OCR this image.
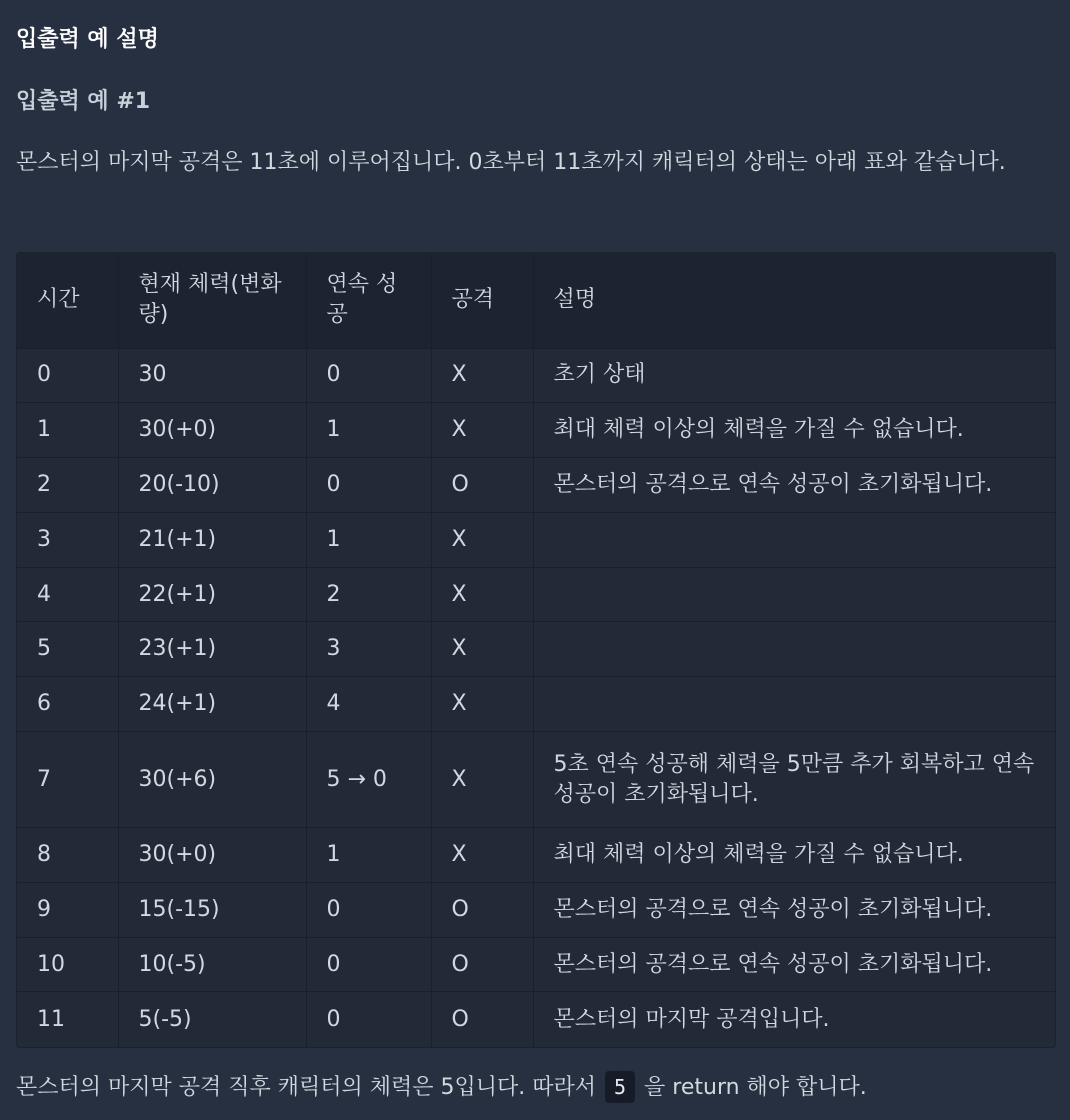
입출력 예 설명
입출력 예 #1

몬스터의 마지막 공격은 11초에 이루어집니다. 0초부터 11초까지 캐릭터의 상태는 아래 표와 같습니다.

시간	현재 체력(변화량)	연속 성공	공격	설명
0	30	0	X	초기 상태
1	30(+0)	1	X	최대 체력 이상의 체력을 가질 수 없습니다.
2	20(-10)	0	O	몬스터의 공격으로 연속 성공이 초기화됩니다.
3	21(+1)	1	X	
4	22(+1)	2	X	
5	23(+1)	3	X	
6	24(+1)	4	X	
7	30(+6)	5 → 0	X	5초 연속 성공해 체력을 5만큼 추가 회복하고 연속 성공이 초기화됩니다.
8	30(+0)	1	X	최대 체력 이상의 체력을 가질 수 없습니다.
9	15(-15)	0	O	몬스터의 공격으로 연속 성공이 초기화됩니다.
10	10(-5)	0	O	몬스터의 공격으로 연속 성공이 초기화됩니다.
11	5(-5)	0	O	몬스터의 마지막 공격입니다.

몬스터의 마지막 공격 직후 캐릭터의 체력은 5입니다. 따라서 5 을 return 해야 합니다.
